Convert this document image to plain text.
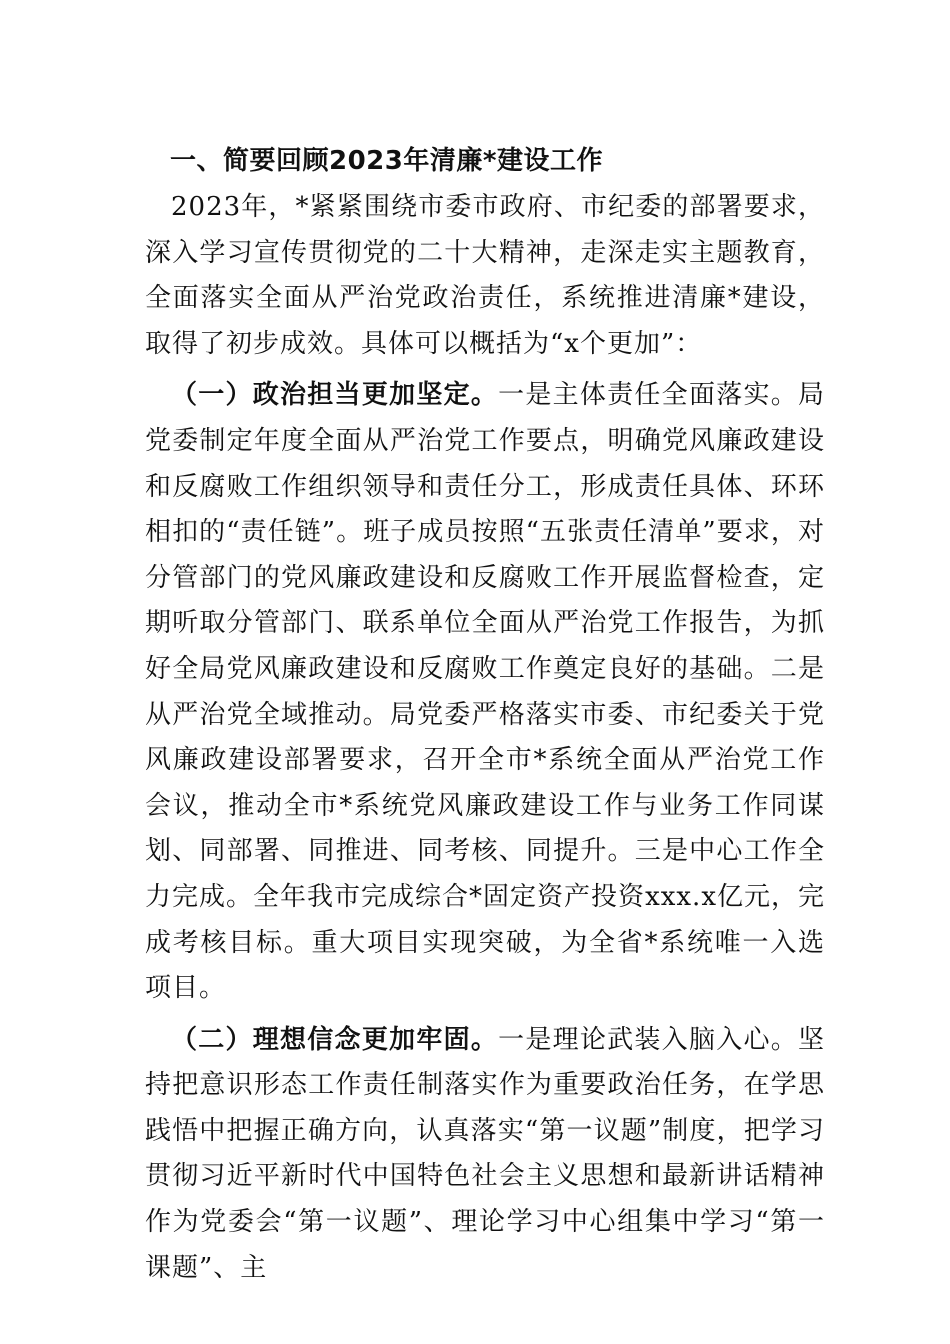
一、简要回顾2023年清廉*建设工作

2023年，*紧紧围绕市委市政府、市纪委的部署要求，深入学习宣传贯彻党的二十大精神，走深走实主题教育，全面落实全面从严治党政治责任，系统推进清廉*建设，取得了初步成效。具体可以概括为“x个更加”：

（一）政治担当更加坚定。一是主体责任全面落实。局党委制定年度全面从严治党工作要点，明确党风廉政建设和反腐败工作组织领导和责任分工，形成责任具体、环环相扣的“责任链”。班子成员按照“五张责任清单”要求，对分管部门的党风廉政建设和反腐败工作开展监督检查，定期听取分管部门、联系单位全面从严治党工作报告，为抓好全局党风廉政建设和反腐败工作奠定良好的基础。二是从严治党全域推动。局党委严格落实市委、市纪委关于党风廉政建设部署要求，召开全市*系统全面从严治党工作会议，推动全市*系统党风廉政建设工作与业务工作同谋划、同部署、同推进、同考核、同提升。三是中心工作全力完成。全年我市完成综合*固定资产投资xxx.x亿元，完成考核目标。重大项目实现突破，为全省*系统唯一入选项目。

（二）理想信念更加牢固。一是理论武装入脑入心。坚持把意识形态工作责任制落实作为重要政治任务，在学思践悟中把握正确方向，认真落实“第一议题”制度，把学习贯彻习近平新时代中国特色社会主义思想和最新讲话精神作为党委会“第一议题”、理论学习中心组集中学习“第一课题”、主
